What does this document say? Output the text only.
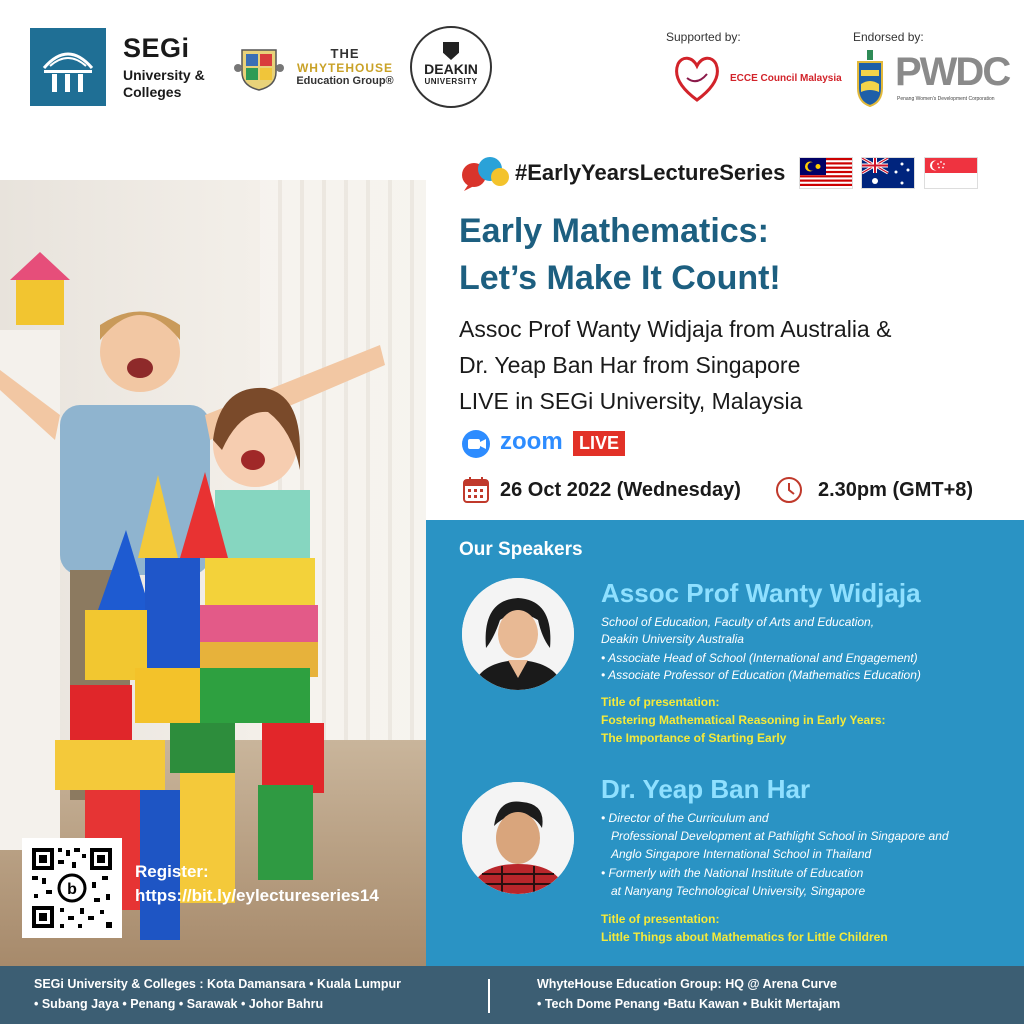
SEGi
University &
Colleges
THE
WHYTEHOUSE
Education Group®
DEAKIN
UNIVERSITY
Supported by:
ECCE Council Malaysia
Endorsed by:
PWDC
Penang Women's Development Corporation
b
Register:
https://bit.ly/eylectureseries14
#EarlyYearsLectureSeries
Early Mathematics:
Let’s Make It Count!
Assoc Prof Wanty Widjaja from Australia &
Dr. Yeap Ban Har from Singapore
LIVE in SEGi University, Malaysia
zoom LIVE
26 Oct 2022 (Wednesday)	2.30pm (GMT+8)
Our Speakers
Assoc Prof Wanty Widjaja
School of Education, Faculty of Arts and Education,
Deakin University Australia
• Associate Head of School (International and Engagement)
• Associate Professor of Education (Mathematics Education)
Title of presentation:
Fostering Mathematical Reasoning in Early Years:
The Importance of Starting Early
Dr. Yeap Ban Har
• Director of the Curriculum and
Professional Development at Pathlight School in Singapore and
Anglo Singapore International School in Thailand
• Formerly with the National Institute of Education
at Nanyang Technological University, Singapore
Title of presentation:
Little Things about Mathematics for Little Children
SEGi University & Colleges : Kota Damansara • Kuala Lumpur
• Subang Jaya • Penang • Sarawak • Johor Bahru
WhyteHouse Education Group: HQ @ Arena Curve
• Tech Dome Penang •Batu Kawan • Bukit Mertajam
